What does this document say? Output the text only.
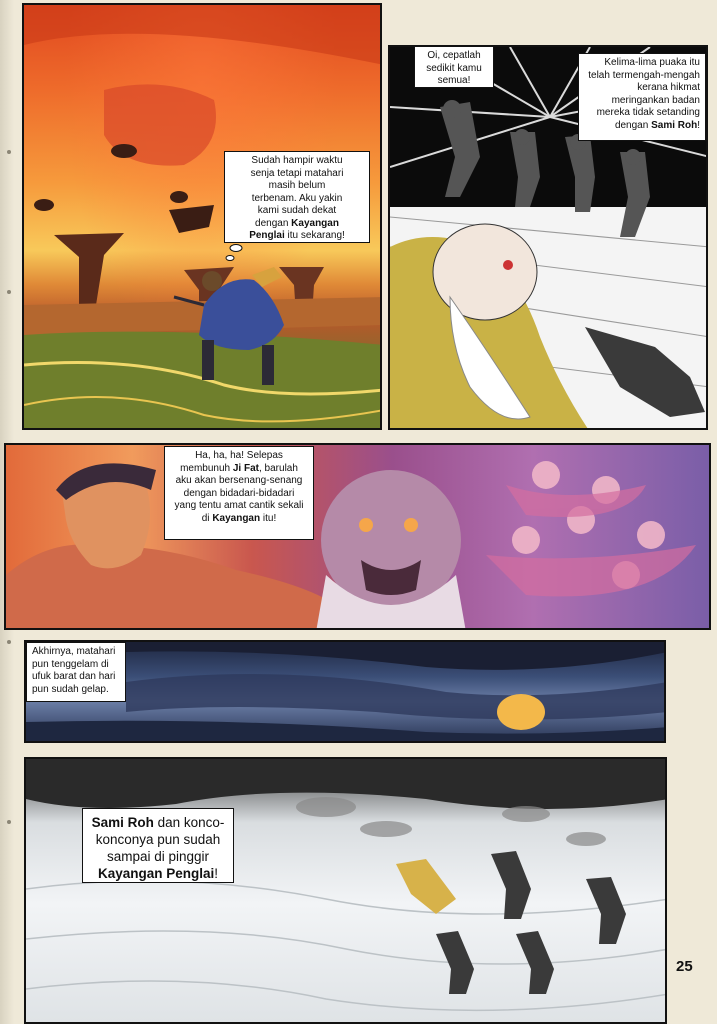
Sudah hampir waktu
senja tetapi matahari
masih belum
terbenam. Aku yakin
kami sudah dekat
dengan Kayangan
Penglai itu sekarang!
Oi, cepatlah
sedikit kamu
semua!
Kelima-lima puaka itu
telah termengah-mengah
kerana hikmat
meringankan badan
mereka tidak setanding
dengan Sami Roh!
Ha, ha, ha! Selepas
membunuh Ji Fat, barulah
aku akan bersenang-senang
dengan bidadari-bidadari
yang tentu amat cantik sekali
di Kayangan itu!
Akhirnya, matahari
pun tenggelam di
ufuk barat dan hari
pun sudah gelap.
Sami Roh dan konco-
konconya pun sudah
sampai di pinggir
Kayangan Penglai!
25
